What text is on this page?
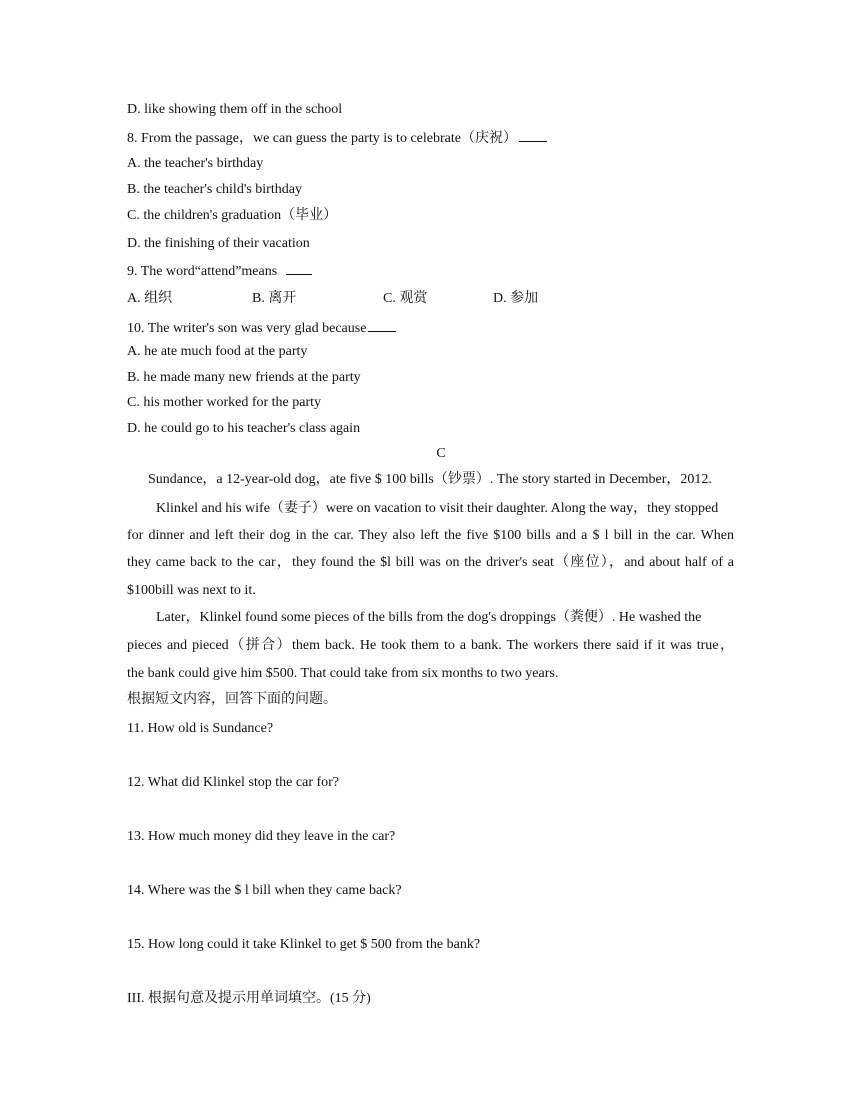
D. like showing them off in the school
8. From the passage，we can guess the party is to celebrate（庆祝）
A. the teacher's birthday
B. the teacher's child's birthday
C. the children's graduation（毕业）
D. the finishing of their vacation
9. The word“attend”means
A. 组织	B. 离开	C. 观赏	D. 参加
10. The writer's son was very glad because
A. he ate much food at the party
B. he made many new friends at the party
C. his mother worked for the party
D. he could go to his teacher's class again
C
Sundance，a 12-year-old dog，ate five $ 100 bills（钞票）. The story started in December，2012.
Klinkel and his wife（妻子）were on vacation to visit their daughter. Along the way，they stopped
for dinner and left their dog in the car. They also left the five $100 bills and a $ l bill in the car. When
they came back to the car，they found the $l bill was on the driver's seat（座位），and about half of a
$100bill was next to it.
Later，Klinkel found some pieces of the bills from the dog's droppings（粪便）. He washed the
pieces and pieced（拼合）them back. He took them to a bank. The workers there said if it was true，
the bank could give him $500. That could take from six months to two years.
根据短文内容，回答下面的问题。
11. How old is Sundance?
12. What did Klinkel stop the car for?
13. How much money did they leave in the car?
14. Where was the $ l bill when they came back?
15. How long could it take Klinkel to get $ 500 from the bank?
III. 根据句意及提示用单词填空。(15 分)
